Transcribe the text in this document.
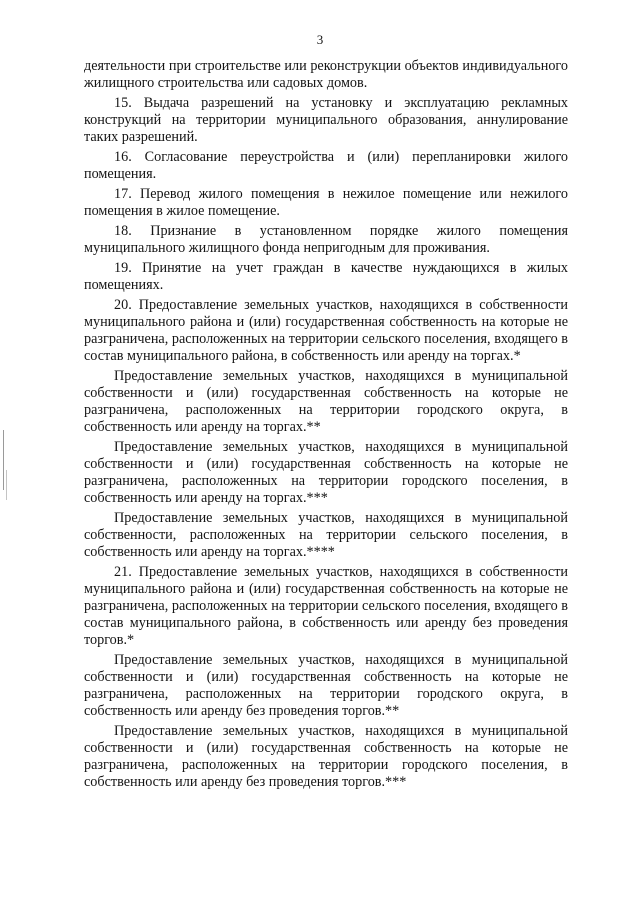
3

деятельности при строительстве или реконструкции объектов индивидуального жилищного строительства или садовых домов.

15. Выдача разрешений на установку и эксплуатацию рекламных конструкций на территории муниципального образования, аннулирование таких разрешений.

16. Согласование переустройства и (или) перепланировки жилого помещения.

17. Перевод жилого помещения в нежилое помещение или нежилого помещения в жилое помещение.

18. Признание в установленном порядке жилого помещения муниципального жилищного фонда непригодным для проживания.

19. Принятие на учет граждан в качестве нуждающихся в жилых помещениях.

20. Предоставление земельных участков, находящихся в собственности муниципального района и (или) государственная собственность на которые не разграничена, расположенных на территории сельского поселения, входящего в состав муниципального района, в собственность или аренду на торгах.*

Предоставление земельных участков, находящихся в муниципальной собственности и (или) государственная собственность на которые не разграничена, расположенных на территории городского округа, в собственность или аренду на торгах.**

Предоставление земельных участков, находящихся в муниципальной собственности и (или) государственная собственность на которые не разграничена, расположенных на территории городского поселения, в собственность или аренду на торгах.***

Предоставление земельных участков, находящихся в муниципальной собственности, расположенных на территории сельского поселения, в собственность или аренду на торгах.****

21. Предоставление земельных участков, находящихся в собственности муниципального района и (или) государственная собственность на которые не разграничена, расположенных на территории сельского поселения, входящего в состав муниципального района, в собственность или аренду без проведения торгов.*

Предоставление земельных участков, находящихся в муниципальной собственности и (или) государственная собственность на которые не разграничена, расположенных на территории городского округа, в собственность или аренду без проведения торгов.**

Предоставление земельных участков, находящихся в муниципальной собственности и (или) государственная собственность на которые не разграничена, расположенных на территории городского поселения, в собственность или аренду без проведения торгов.***
